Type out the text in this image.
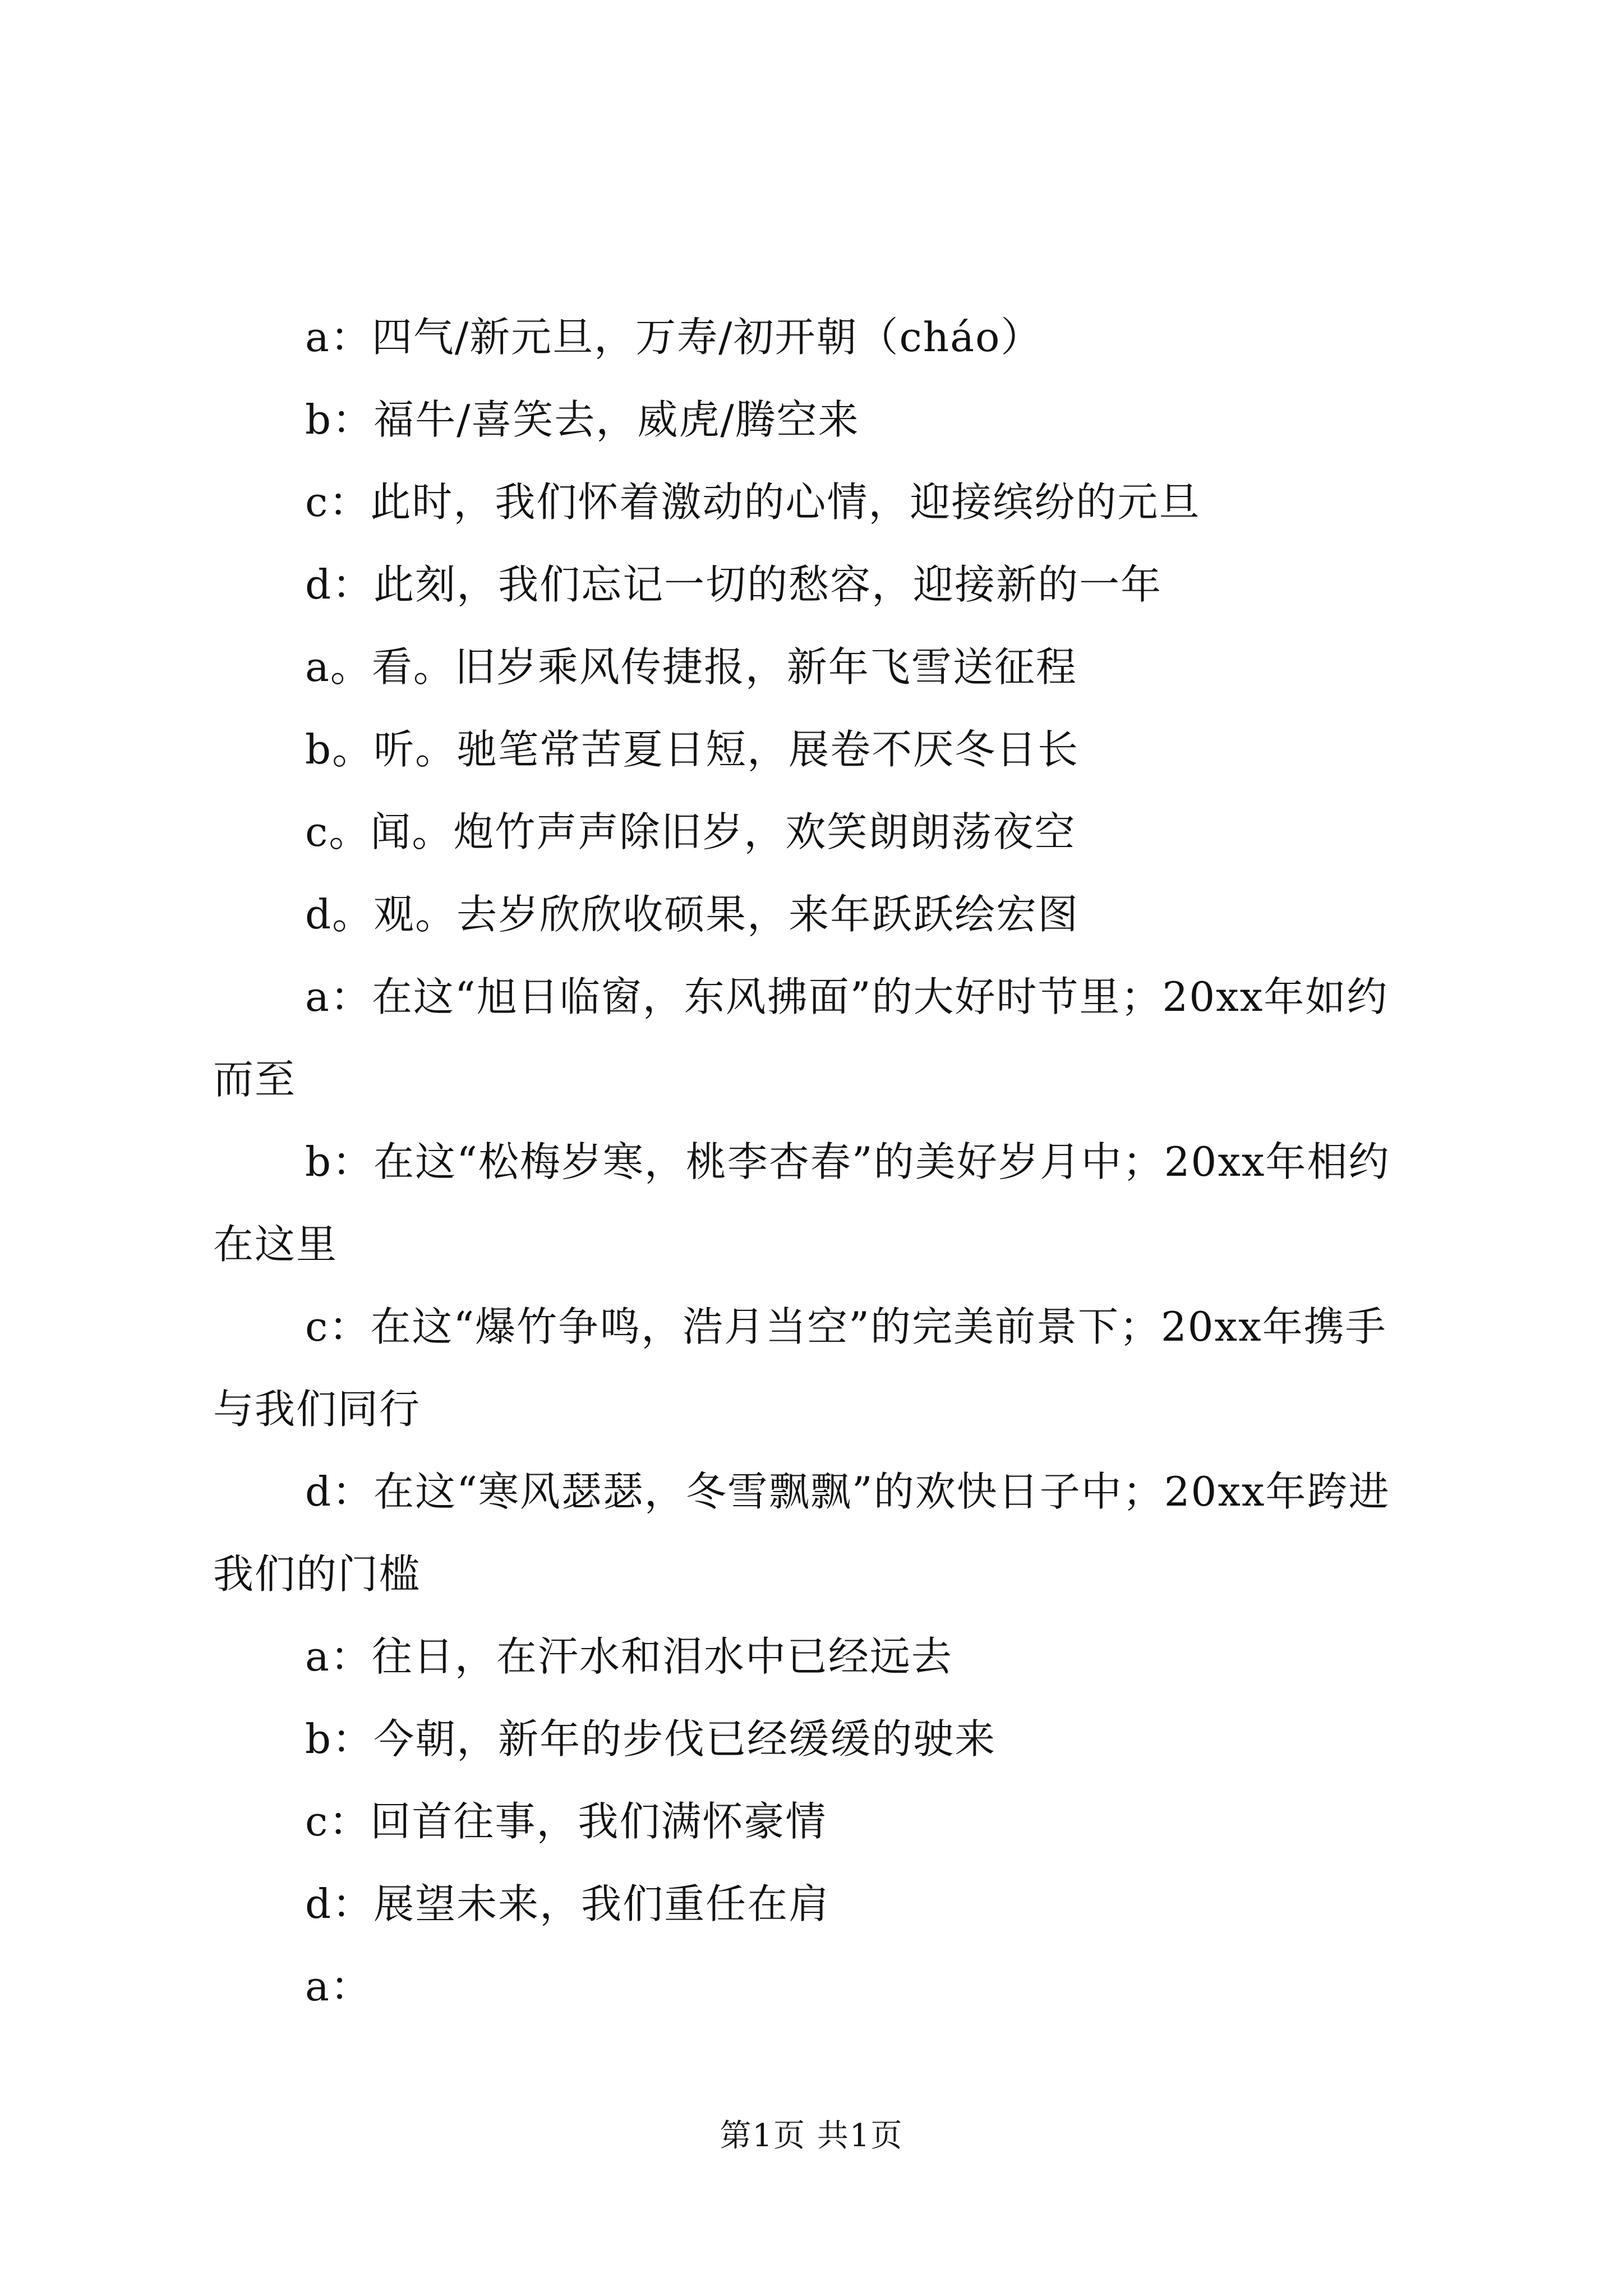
a：四气/新元旦，万寿/初开朝（cháo）

b：福牛/喜笑去，威虎/腾空来

c：此时，我们怀着激动的心情，迎接缤纷的元旦

d：此刻，我们忘记一切的愁容，迎接新的一年

a。看。旧岁乘风传捷报，新年飞雪送征程

b。听。驰笔常苦夏日短，展卷不厌冬日长

c。闻。炮竹声声除旧岁，欢笑朗朗荡夜空

d。观。去岁欣欣收硕果，来年跃跃绘宏图

a：在这“旭日临窗，东风拂面”的大好时节里；20xx年如约而至

b：在这“松梅岁寒，桃李杏春”的美好岁月中；20xx年相约在这里

c：在这“爆竹争鸣，浩月当空”的完美前景下；20xx年携手与我们同行

d：在这“寒风瑟瑟，冬雪飘飘”的欢快日子中；20xx年跨进我们的门槛

a：往日，在汗水和泪水中已经远去

b：今朝，新年的步伐已经缓缓的驶来

c：回首往事，我们满怀豪情

d：展望未来，我们重任在肩

a：

第1页 共1页
